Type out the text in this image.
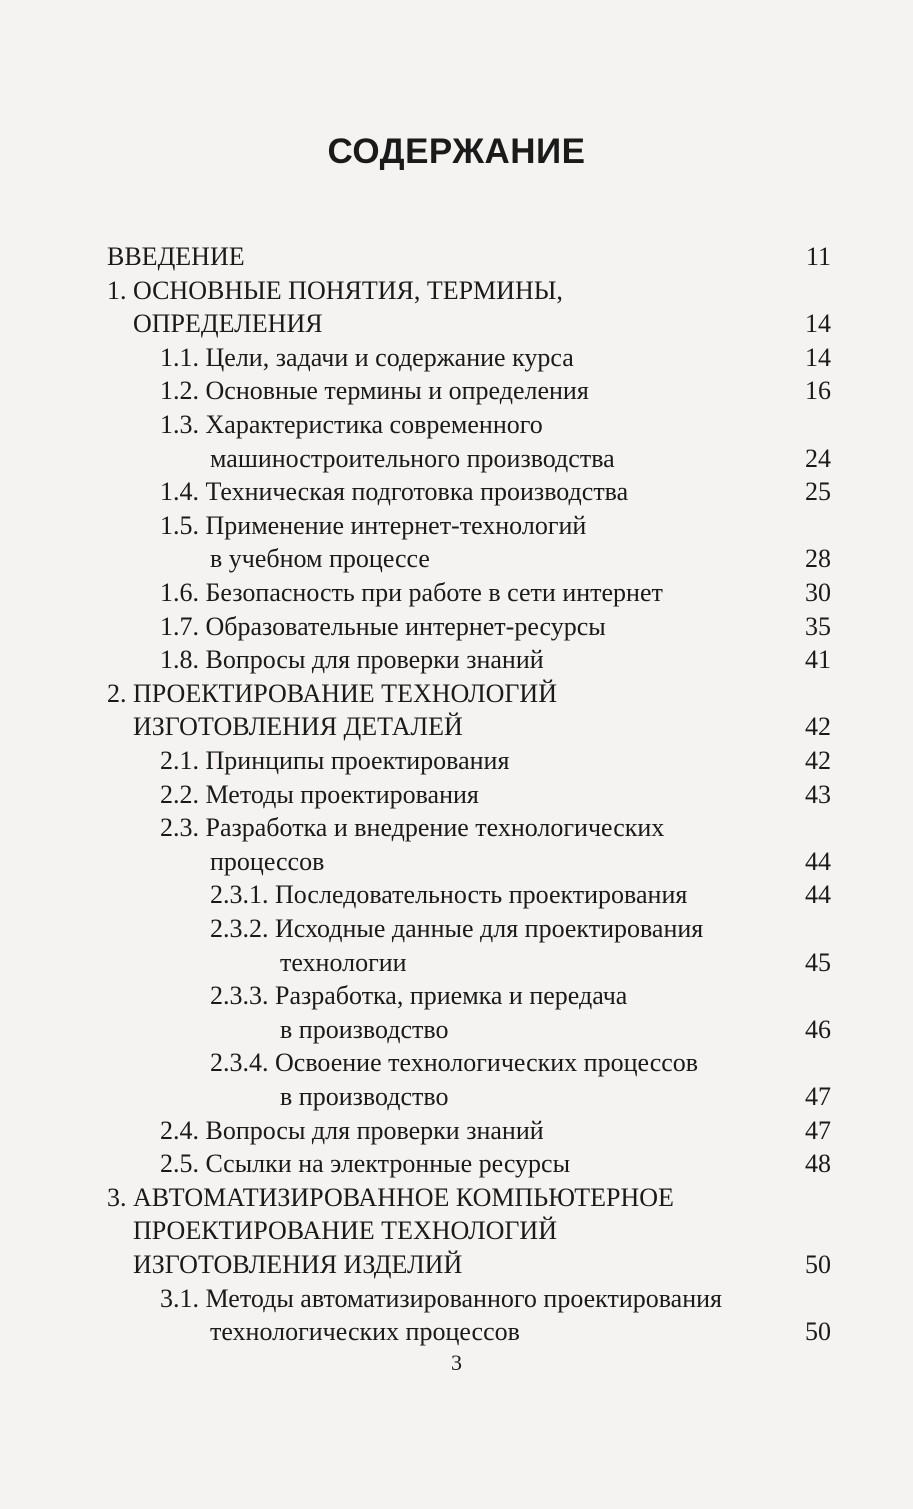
СОДЕРЖАНИЕ
ВВЕДЕНИЕ	11
1. ОСНОВНЫЕ ПОНЯТИЯ, ТЕРМИНЫ,
ОПРЕДЕЛЕНИЯ	14
1.1. Цели, задачи и содержание курса	14
1.2. Основные термины и определения	16
1.3. Характеристика современного
машиностроительного производства	24
1.4. Техническая подготовка производства	25
1.5. Применение интернет-технологий
в учебном процессе	28
1.6. Безопасность при работе в сети интернет	30
1.7. Образовательные интернет-ресурсы	35
1.8. Вопросы для проверки знаний	41
2. ПРОЕКТИРОВАНИЕ ТЕХНОЛОГИЙ
ИЗГОТОВЛЕНИЯ ДЕТАЛЕЙ	42
2.1. Принципы проектирования	42
2.2. Методы проектирования	43
2.3. Разработка и внедрение технологических
процессов	44
2.3.1. Последовательность проектирования	44
2.3.2. Исходные данные для проектирования
технологии	45
2.3.3. Разработка, приемка и передача
в производство	46
2.3.4. Освоение технологических процессов
в производство	47
2.4. Вопросы для проверки знаний	47
2.5. Ссылки на электронные ресурсы	48
3. АВТОМАТИЗИРОВАННОЕ КОМПЬЮТЕРНОЕ
ПРОЕКТИРОВАНИЕ ТЕХНОЛОГИЙ
ИЗГОТОВЛЕНИЯ ИЗДЕЛИЙ	50
3.1. Методы автоматизированного проектирования
технологических процессов	50
3
